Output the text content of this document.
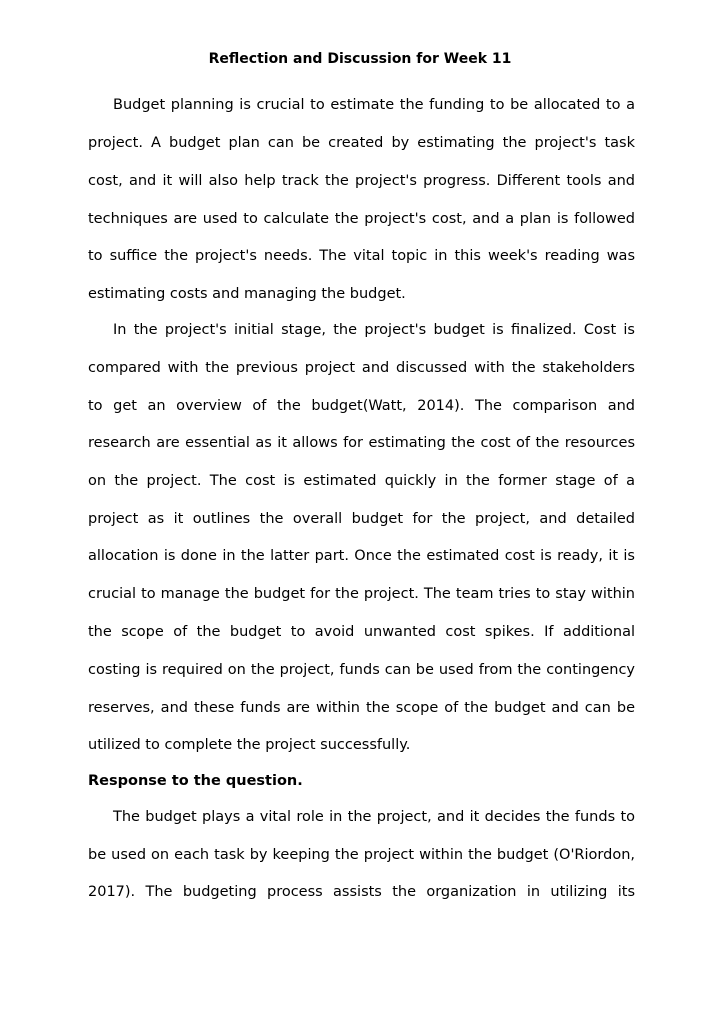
Reflection and Discussion for Week 11
Budget planning is crucial to estimate the funding to be allocated to a
project. A budget plan can be created by estimating the project's task
cost, and it will also help track the project's progress. Different tools and
techniques are used to calculate the project's cost, and a plan is followed
to suffice the project's needs. The vital topic in this week's reading was
estimating costs and managing the budget.
In the project's initial stage, the project's budget is finalized. Cost is
compared with the previous project and discussed with the stakeholders
to get an overview of the budget(Watt, 2014). The comparison and
research are essential as it allows for estimating the cost of the resources
on the project. The cost is estimated quickly in the former stage of a
project as it outlines the overall budget for the project, and detailed
allocation is done in the latter part. Once the estimated cost is ready, it is
crucial to manage the budget for the project. The team tries to stay within
the scope of the budget to avoid unwanted cost spikes. If additional
costing is required on the project, funds can be used from the contingency
reserves, and these funds are within the scope of the budget and can be
utilized to complete the project successfully.
Response to the question.
The budget plays a vital role in the project, and it decides the funds to
be used on each task by keeping the project within the budget (O'Riordon,
2017). The budgeting process assists the organization in utilizing its
